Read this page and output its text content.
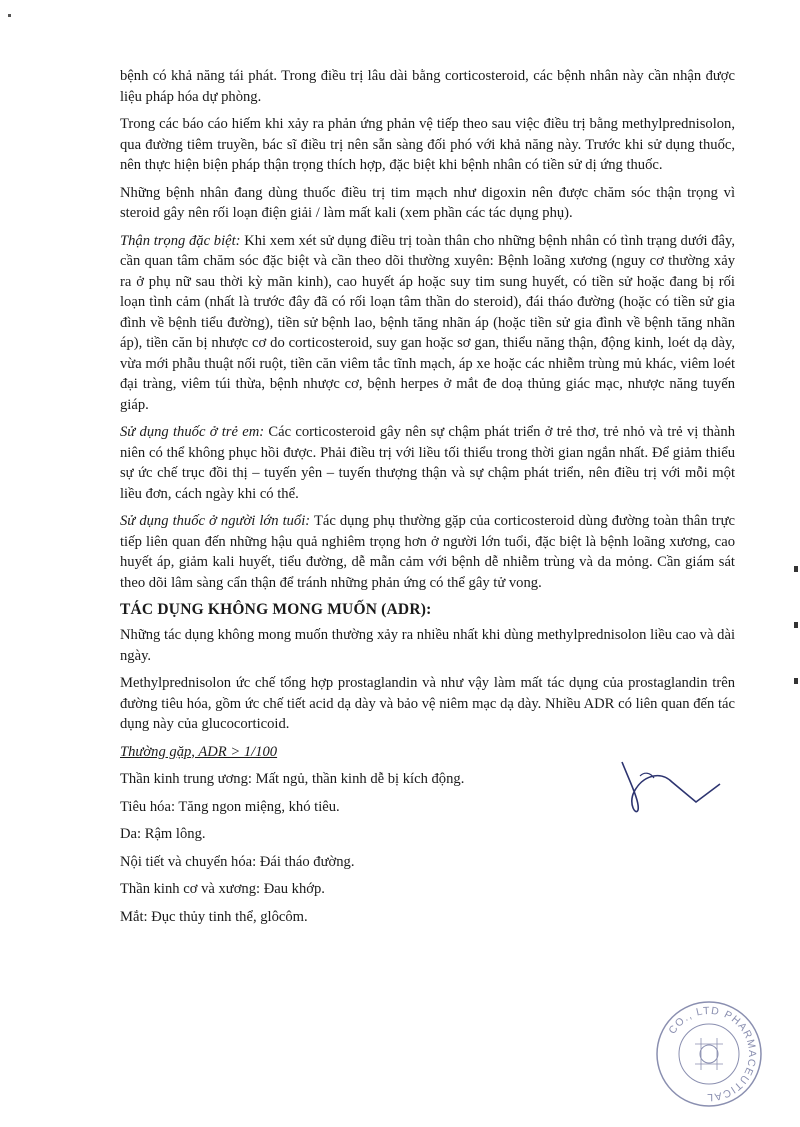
bệnh có khả năng tái phát. Trong điều trị lâu dài bằng corticosteroid, các bệnh nhân này cần nhận được liệu pháp hóa dự phòng.

Trong các báo cáo hiếm khi xảy ra phản ứng phản vệ tiếp theo sau việc điều trị bằng methylprednisolon, qua đường tiêm truyền, bác sĩ điều trị nên sẵn sàng đối phó với khả năng này. Trước khi sử dụng thuốc, nên thực hiện biện pháp thận trọng thích hợp, đặc biệt khi bệnh nhân có tiền sử dị ứng thuốc.

Những bệnh nhân đang dùng thuốc điều trị tim mạch như digoxin nên được chăm sóc thận trọng vì steroid gây nên rối loạn điện giải / làm mất kali (xem phần các tác dụng phụ).

Thận trọng đặc biệt: Khi xem xét sử dụng điều trị toàn thân cho những bệnh nhân có tình trạng dưới đây, cần quan tâm chăm sóc đặc biệt và cần theo dõi thường xuyên: Bệnh loãng xương (nguy cơ thường xảy ra ở phụ nữ sau thời kỳ mãn kinh), cao huyết áp hoặc suy tim sung huyết, có tiền sử hoặc đang bị rối loạn tình cảm (nhất là trước đây đã có rối loạn tâm thần do steroid), đái tháo đường (hoặc có tiền sử gia đình về bệnh tiểu đường), tiền sử bệnh lao, bệnh tăng nhãn áp (hoặc tiền sử gia đình về bệnh tăng nhãn áp), tiền căn bị nhược cơ do corticosteroid, suy gan hoặc sơ gan, thiểu năng thận, động kinh, loét dạ dày, vừa mới phẫu thuật nối ruột, tiền căn viêm tắc tĩnh mạch, áp xe hoặc các nhiễm trùng mủ khác, viêm loét đại tràng, viêm túi thừa, bệnh nhược cơ, bệnh herpes ở mắt đe doạ thủng giác mạc, nhược năng tuyến giáp.

Sử dụng thuốc ở trẻ em: Các corticosteroid gây nên sự chậm phát triển ở trẻ thơ, trẻ nhỏ và trẻ vị thành niên có thể không phục hồi được. Phải điều trị với liều tối thiểu trong thời gian ngắn nhất. Để giảm thiểu sự ức chế trục đồi thị – tuyến yên – tuyến thượng thận và sự chậm phát triển, nên điều trị với mỗi một liều đơn, cách ngày khi có thể.

Sử dụng thuốc ở người lớn tuổi: Tác dụng phụ thường gặp của corticosteroid dùng đường toàn thân trực tiếp liên quan đến những hậu quả nghiêm trọng hơn ở người lớn tuổi, đặc biệt là bệnh loãng xương, cao huyết áp, giảm kali huyết, tiểu đường, dễ mẫn cảm với bệnh dễ nhiễm trùng và da mỏng. Cần giám sát theo dõi lâm sàng cẩn thận để tránh những phản ứng có thể gây tử vong.

TÁC DỤNG KHÔNG MONG MUỐN (ADR):

Những tác dụng không mong muốn thường xảy ra nhiều nhất khi dùng methylprednisolon liều cao và dài ngày.

Methylprednisolon ức chế tổng hợp prostaglandin và như vậy làm mất tác dụng của prostaglandin trên đường tiêu hóa, gồm ức chế tiết acid dạ dày và bảo vệ niêm mạc dạ dày. Nhiều ADR có liên quan đến tác dụng này của glucocorticoid.

Thường gặp, ADR > 1/100

Thần kinh trung ương: Mất ngủ, thần kinh dễ bị kích động.

Tiêu hóa: Tăng ngon miệng, khó tiêu.

Da: Rậm lông.

Nội tiết và chuyển hóa: Đái tháo đường.

Thần kinh cơ và xương: Đau khớp.

Mắt: Đục thủy tinh thể, glôcôm.

CO., LTD PHARMACEUTICAL
